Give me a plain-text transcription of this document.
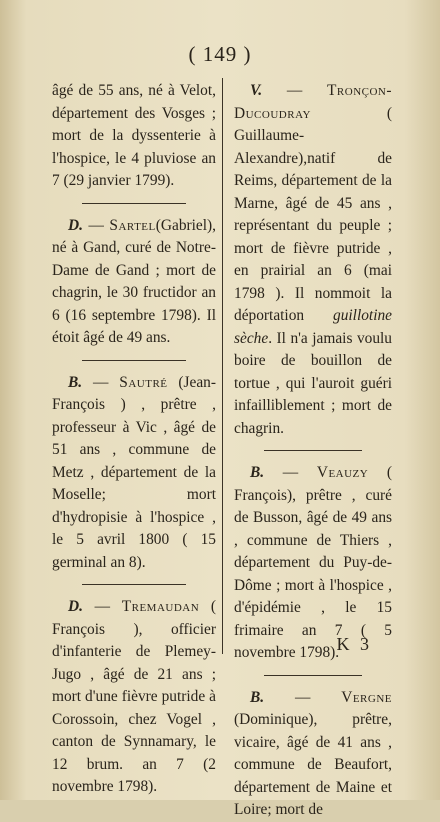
( 149 )

âgé de 55 ans, né à Velot, département des Vosges ; mort de la dyssenterie à l'hospice, le 4 pluviose an 7 (29 janvier 1799).

D. — Sartel(Gabriel), né à Gand, curé de Notre-Dame de Gand ; mort de chagrin, le 30 fructidor an 6 (16 septembre 1798). Il étoit âgé de 49 ans.

B. — Sautré (Jean-François ) , prêtre , professeur à Vic , âgé de 51 ans , commune de Metz , département de la Moselle; mort d'hydropisie à l'hospice , le 5 avril 1800 ( 15 germinal an 8).

D. — Tremaudan ( François ), officier d'infanterie de Plemey-Jugo , âgé de 21 ans ; mort d'une fièvre putride à Corossoin, chez Vogel , canton de Synnamary, le 12 brum. an 7 (2 novembre 1798).

V. — Tronçon-Ducoudray ( Guillaume-Alexandre),natif de Reims, département de la Marne, âgé de 45 ans , représentant du peuple ; mort de fièvre putride , en prairial an 6 (mai 1798 ). Il nommoit la déportation guillotine sèche. Il n'a jamais voulu boire de bouillon de tortue , qui l'auroit guéri infailliblement ; mort de chagrin.

B. — Veauzy ( François), prêtre , curé de Busson, âgé de 49 ans , commune de Thiers , département du Puy-de-Dôme ; mort à l'hospice , d'épidémie , le 15 frimaire an 7 ( 5 novembre 1798).

B. — Vergne (Dominique), prêtre, vicaire, âgé de 41 ans , commune de Beaufort, département de Maine et Loire; mort de

K 3
